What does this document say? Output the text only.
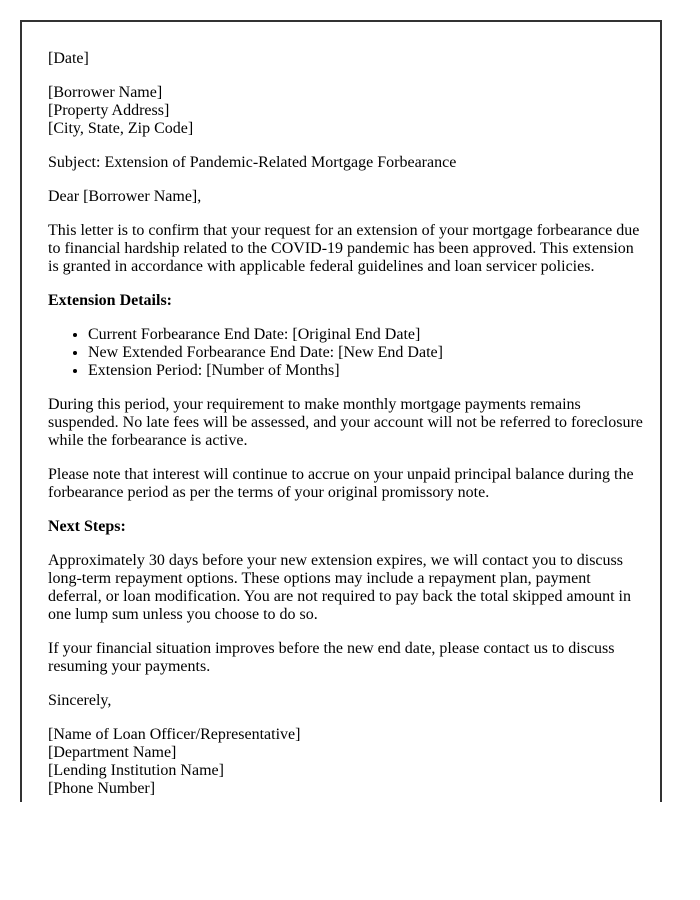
[Date]

[Borrower Name]
[Property Address]
[City, State, Zip Code]

Subject: Extension of Pandemic-Related Mortgage Forbearance

Dear [Borrower Name],

This letter is to confirm that your request for an extension of your mortgage forbearance due to financial hardship related to the COVID-19 pandemic has been approved. This extension is granted in accordance with applicable federal guidelines and loan servicer policies.

Extension Details:

• Current Forbearance End Date: [Original End Date]
• New Extended Forbearance End Date: [New End Date]
• Extension Period: [Number of Months]

During this period, your requirement to make monthly mortgage payments remains suspended. No late fees will be assessed, and your account will not be referred to foreclosure while the forbearance is active.

Please note that interest will continue to accrue on your unpaid principal balance during the forbearance period as per the terms of your original promissory note.

Next Steps:

Approximately 30 days before your new extension expires, we will contact you to discuss long-term repayment options. These options may include a repayment plan, payment deferral, or loan modification. You are not required to pay back the total skipped amount in one lump sum unless you choose to do so.

If your financial situation improves before the new end date, please contact us to discuss resuming your payments.

Sincerely,

[Name of Loan Officer/Representative]
[Department Name]
[Lending Institution Name]
[Phone Number]
